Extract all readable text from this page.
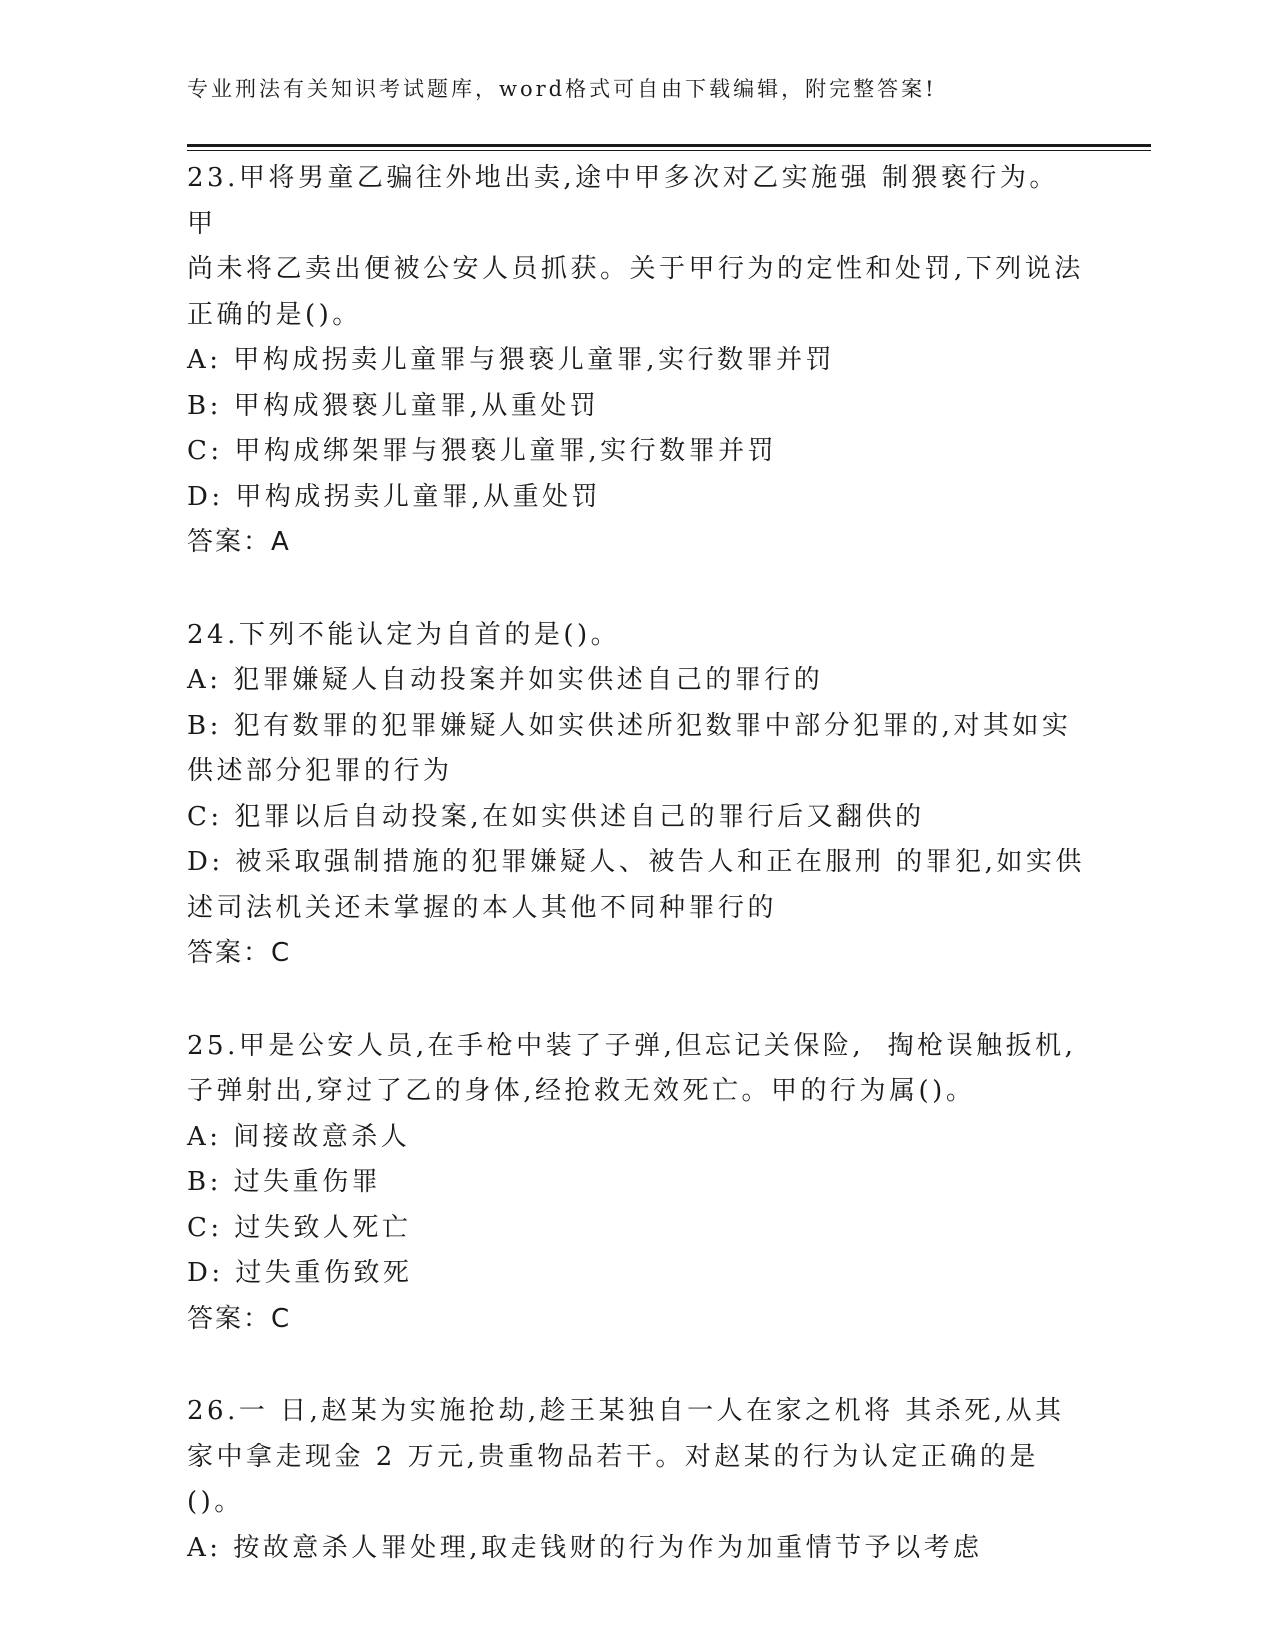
专业刑法有关知识考试题库，word格式可自由下载编辑，附完整答案!

23.甲将男童乙骗往外地出卖,途中甲多次对乙实施强 制猥亵行为。甲

尚未将乙卖出便被公安人员抓获。关于甲行为的定性和处罚,下列说法

正确的是()。

A: 甲构成拐卖儿童罪与猥亵儿童罪,实行数罪并罚

B: 甲构成猥亵儿童罪,从重处罚

C: 甲构成绑架罪与猥亵儿童罪,实行数罪并罚

D: 甲构成拐卖儿童罪,从重处罚

答案：A

24.下列不能认定为自首的是()。

A: 犯罪嫌疑人自动投案并如实供述自己的罪行的

B: 犯有数罪的犯罪嫌疑人如实供述所犯数罪中部分犯罪的,对其如实

供述部分犯罪的行为

C: 犯罪以后自动投案,在如实供述自己的罪行后又翻供的

D: 被采取强制措施的犯罪嫌疑人、被告人和正在服刑 的罪犯,如实供

述司法机关还未掌握的本人其他不同种罪行的

答案：C

25.甲是公安人员,在手枪中装了子弹,但忘记关保险,  掏枪误触扳机,

子弹射出,穿过了乙的身体,经抢救无效死亡。甲的行为属()。

A: 间接故意杀人

B: 过失重伤罪

C: 过失致人死亡

D: 过失重伤致死

答案：C

26.一 日,赵某为实施抢劫,趁王某独自一人在家之机将 其杀死,从其

家中拿走现金 2 万元,贵重物品若干。对赵某的行为认定正确的是()。

A: 按故意杀人罪处理,取走钱财的行为作为加重情节予以考虑
